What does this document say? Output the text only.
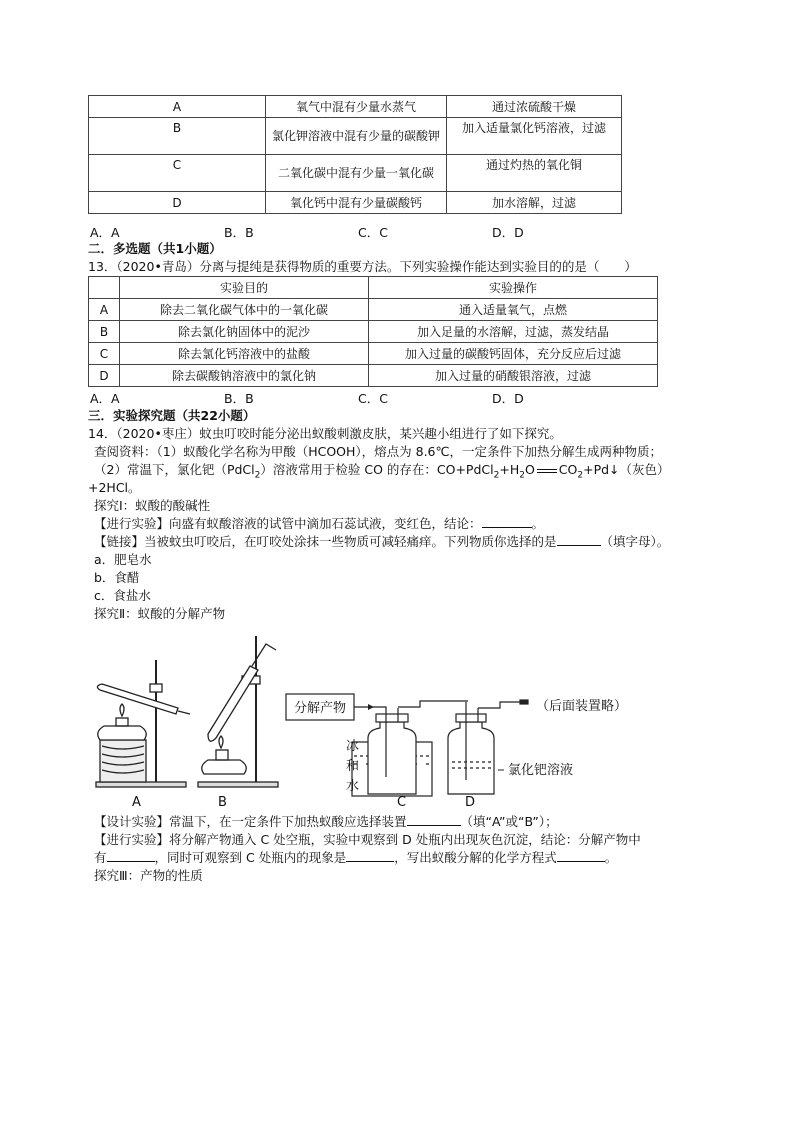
A	氧气中混有少量水蒸气	通过浓硫酸干燥
B	氯化钾溶液中混有少量的碳酸钾	加入适量氯化钙溶液，过滤
C	二氧化碳中混有少量一氧化碳	通过灼热的氧化铜
D	氧化钙中混有少量碳酸钙	加水溶解，过滤
A．A	B．B	C．C	D．D
二．多选题（共1小题）
13．（2020•青岛）分离与提纯是获得物质的重要方法。下列实验操作能达到实验目的的是（　　）
	实验目的	实验操作
A	除去二氧化碳气体中的一氧化碳	通入适量氧气，点燃
B	除去氯化钠固体中的泥沙	加入足量的水溶解，过滤，蒸发结晶
C	除去氯化钙溶液中的盐酸	加入过量的碳酸钙固体，充分反应后过滤
D	除去碳酸钠溶液中的氯化钠	加入过量的硝酸银溶液，过滤
A．A	B．B	C．C	D．D
三．实验探究题（共22小题）
14．（2020•枣庄）蚊虫叮咬时能分泌出蚁酸刺激皮肤，某兴趣小组进行了如下探究。
查阅资料：（1）蚁酸化学名称为甲酸（HCOOH），熔点为 8.6℃，一定条件下加热分解生成两种物质；
（2）常温下，氯化钯（PdCl$_2$）溶液常用于检验 CO 的存在：$CO+PdCl_2+H_2O$ $CO_2+Pd↓$（灰色）
+2HCl。
探究Ⅰ：蚁酸的酸碱性
【进行实验】向盛有蚁酸溶液的试管中滴加石蕊试液，变红色，结论：	。
【链接】当被蚊虫叮咬后，在叮咬处涂抹一些物质可减轻痛痒。下列物质你选择的是	（填字母）。
a．肥皂水
b．食醋
c．食盐水
探究Ⅱ：蚁酸的分解产物
分解产物
氯化钯溶液
（后面装置略）
冰
和
水
A	B	C	D
【设计实验】常温下，在一定条件下加热蚁酸应选择装置	（填“A”或“B”）；
【进行实验】将分解产物通入 C 处空瓶，实验中观察到 D 处瓶内出现灰色沉淀，结论：分解产物中
有	，同时可观察到 C 处瓶内的现象是	，写出蚁酸分解的化学方程式	。
探究Ⅲ：产物的性质
